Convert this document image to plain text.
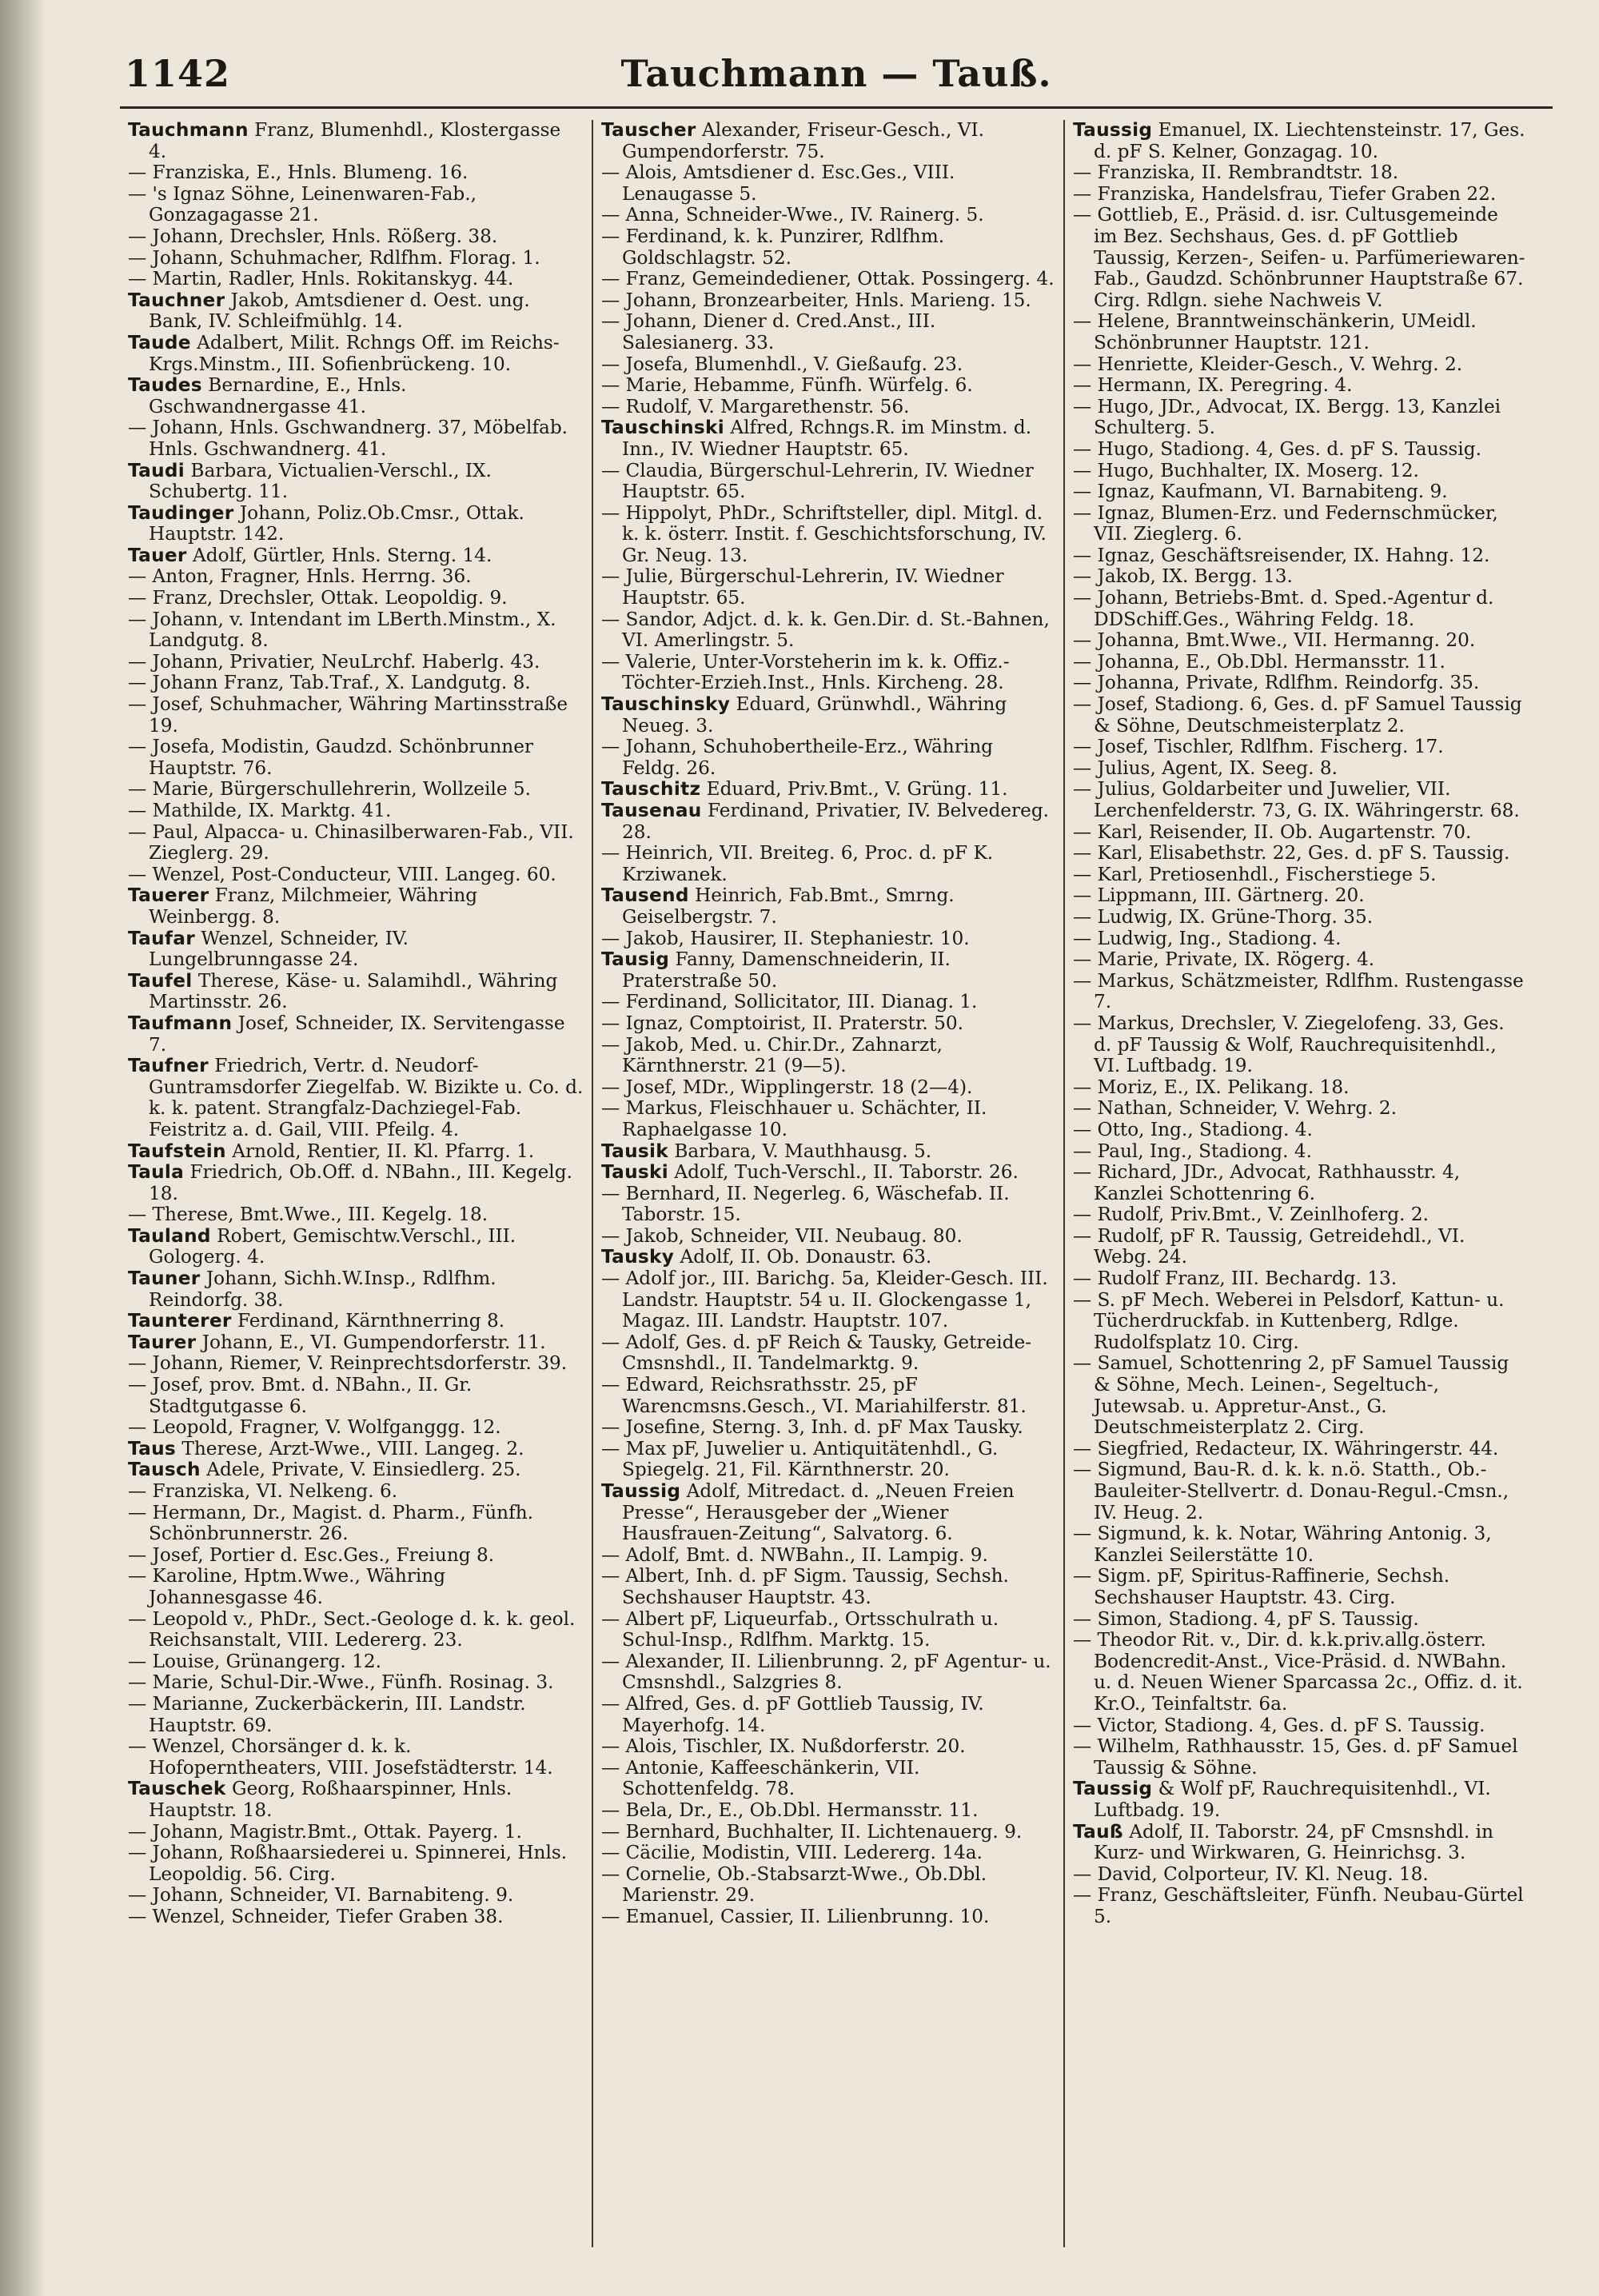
1142	Tauchmann — Tauß.

Tauchmann Franz, Blumenhdl., Klostergasse 4.

— Franziska, E., Hnls. Blumeng. 16.

— 's Ignaz Söhne, Leinenwaren-Fab., Gonzagagasse 21.

— Johann, Drechsler, Hnls. Rößerg. 38.

— Johann, Schuhmacher, Rdlfhm. Florag. 1.

— Martin, Radler, Hnls. Rokitanskyg. 44.

Tauchner Jakob, Amtsdiener d. Oest. ung. Bank, IV. Schleifmühlg. 14.

Taude Adalbert, Milit. Rchngs Off. im Reichs-Krgs.Minstm., III. Sofienbrückeng. 10.

Taudes Bernardine, E., Hnls. Gschwandnergasse 41.

— Johann, Hnls. Gschwandnerg. 37, Möbelfab. Hnls. Gschwandnerg. 41.

Taudi Barbara, Victualien-Verschl., IX. Schubertg. 11.

Taudinger Johann, Poliz.Ob.Cmsr., Ottak. Hauptstr. 142.

Tauer Adolf, Gürtler, Hnls. Sterng. 14.

— Anton, Fragner, Hnls. Herrng. 36.

— Franz, Drechsler, Ottak. Leopoldig. 9.

— Johann, v. Intendant im LBerth.Minstm., X. Landgutg. 8.

— Johann, Privatier, NeuLrchf. Haberlg. 43.

— Johann Franz, Tab.Traf., X. Landgutg. 8.

— Josef, Schuhmacher, Währing Martinsstraße 19.

— Josefa, Modistin, Gaudzd. Schönbrunner Hauptstr. 76.

— Marie, Bürgerschullehrerin, Wollzeile 5.

— Mathilde, IX. Marktg. 41.

— Paul, Alpacca- u. Chinasilberwaren-Fab., VII. Zieglerg. 29.

— Wenzel, Post-Conducteur, VIII. Langeg. 60.

Tauerer Franz, Milchmeier, Währing Weinbergg. 8.

Taufar Wenzel, Schneider, IV. Lungelbrunngasse 24.

Taufel Therese, Käse- u. Salamihdl., Währing Martinsstr. 26.

Taufmann Josef, Schneider, IX. Servitengasse 7.

Taufner Friedrich, Vertr. d. Neudorf-Guntramsdorfer Ziegelfab. W. Bizikte u. Co. d. k. k. patent. Strangfalz-Dachziegel-Fab. Feistritz a. d. Gail, VIII. Pfeilg. 4.

Taufstein Arnold, Rentier, II. Kl. Pfarrg. 1.

Taula Friedrich, Ob.Off. d. NBahn., III. Kegelg. 18.

— Therese, Bmt.Wwe., III. Kegelg. 18.

Tauland Robert, Gemischtw.Verschl., III. Gologerg. 4.

Tauner Johann, Sichh.W.Insp., Rdlfhm. Reindorfg. 38.

Taunterer Ferdinand, Kärnthnerring 8.

Taurer Johann, E., VI. Gumpendorferstr. 11.

— Johann, Riemer, V. Reinprechtsdorferstr. 39.

— Josef, prov. Bmt. d. NBahn., II. Gr. Stadtgutgasse 6.

— Leopold, Fragner, V. Wolfganggg. 12.

Taus Therese, Arzt-Wwe., VIII. Langeg. 2.

Tausch Adele, Private, V. Einsiedlerg. 25.

— Franziska, VI. Nelkeng. 6.

— Hermann, Dr., Magist. d. Pharm., Fünfh. Schönbrunnerstr. 26.

— Josef, Portier d. Esc.Ges., Freiung 8.

— Karoline, Hptm.Wwe., Währing Johannesgasse 46.

— Leopold v., PhDr., Sect.-Geologe d. k. k. geol. Reichsanstalt, VIII. Ledererg. 23.

— Louise, Grünangerg. 12.

— Marie, Schul-Dir.-Wwe., Fünfh. Rosinag. 3.

— Marianne, Zuckerbäckerin, III. Landstr. Hauptstr. 69.

— Wenzel, Chorsänger d. k. k. Hofoperntheaters, VIII. Josefstädterstr. 14.

Tauschek Georg, Roßhaarspinner, Hnls. Hauptstr. 18.

— Johann, Magistr.Bmt., Ottak. Payerg. 1.

— Johann, Roßhaarsiederei u. Spinnerei, Hnls. Leopoldig. 56. Cirg.

— Johann, Schneider, VI. Barnabiteng. 9.

— Wenzel, Schneider, Tiefer Graben 38.

Tauscher Alexander, Friseur-Gesch., VI. Gumpendorferstr. 75.

— Alois, Amtsdiener d. Esc.Ges., VIII. Lenaugasse 5.

— Anna, Schneider-Wwe., IV. Rainerg. 5.

— Ferdinand, k. k. Punzirer, Rdlfhm. Goldschlagstr. 52.

— Franz, Gemeindediener, Ottak. Possingerg. 4.

— Johann, Bronzearbeiter, Hnls. Marieng. 15.

— Johann, Diener d. Cred.Anst., III. Salesianerg. 33.

— Josefa, Blumenhdl., V. Gießaufg. 23.

— Marie, Hebamme, Fünfh. Würfelg. 6.

— Rudolf, V. Margarethenstr. 56.

Tauschinski Alfred, Rchngs.R. im Minstm. d. Inn., IV. Wiedner Hauptstr. 65.

— Claudia, Bürgerschul-Lehrerin, IV. Wiedner Hauptstr. 65.

— Hippolyt, PhDr., Schriftsteller, dipl. Mitgl. d. k. k. österr. Instit. f. Geschichtsforschung, IV. Gr. Neug. 13.

— Julie, Bürgerschul-Lehrerin, IV. Wiedner Hauptstr. 65.

— Sandor, Adjct. d. k. k. Gen.Dir. d. St.-Bahnen, VI. Amerlingstr. 5.

— Valerie, Unter-Vorsteherin im k. k. Offiz.-Töchter-Erzieh.Inst., Hnls. Kircheng. 28.

Tauschinsky Eduard, Grünwhdl., Währing Neueg. 3.

— Johann, Schuhobertheile-Erz., Währing Feldg. 26.

Tauschitz Eduard, Priv.Bmt., V. Grüng. 11.

Tausenau Ferdinand, Privatier, IV. Belvedereg. 28.

— Heinrich, VII. Breiteg. 6, Proc. d. pF K. Krziwanek.

Tausend Heinrich, Fab.Bmt., Smrng. Geiselbergstr. 7.

— Jakob, Hausirer, II. Stephaniestr. 10.

Tausig Fanny, Damenschneiderin, II. Praterstraße 50.

— Ferdinand, Sollicitator, III. Dianag. 1.

— Ignaz, Comptoirist, II. Praterstr. 50.

— Jakob, Med. u. Chir.Dr., Zahnarzt, Kärnthnerstr. 21 (9—5).

— Josef, MDr., Wipplingerstr. 18 (2—4).

— Markus, Fleischhauer u. Schächter, II. Raphaelgasse 10.

Tausik Barbara, V. Mauthhausg. 5.

Tauski Adolf, Tuch-Verschl., II. Taborstr. 26.

— Bernhard, II. Negerleg. 6, Wäschefab. II. Taborstr. 15.

— Jakob, Schneider, VII. Neubaug. 80.

Tausky Adolf, II. Ob. Donaustr. 63.

— Adolf jor., III. Barichg. 5a, Kleider-Gesch. III. Landstr. Hauptstr. 54 u. II. Glockengasse 1, Magaz. III. Landstr. Hauptstr. 107.

— Adolf, Ges. d. pF Reich & Tausky, Getreide-Cmsnshdl., II. Tandelmarktg. 9.

— Edward, Reichsrathsstr. 25, pF Warencmsns.Gesch., VI. Mariahilferstr. 81.

— Josefine, Sterng. 3, Inh. d. pF Max Tausky.

— Max pF, Juwelier u. Antiquitätenhdl., G. Spiegelg. 21, Fil. Kärnthnerstr. 20.

Taussig Adolf, Mitredact. d. „Neuen Freien Presse“, Herausgeber der „Wiener Hausfrauen-Zeitung“, Salvatorg. 6.

— Adolf, Bmt. d. NWBahn., II. Lampig. 9.

— Albert, Inh. d. pF Sigm. Taussig, Sechsh. Sechshauser Hauptstr. 43.

— Albert pF, Liqueurfab., Ortsschulrath u. Schul-Insp., Rdlfhm. Marktg. 15.

— Alexander, II. Lilienbrunng. 2, pF Agentur- u. Cmsnshdl., Salzgries 8.

— Alfred, Ges. d. pF Gottlieb Taussig, IV. Mayerhofg. 14.

— Alois, Tischler, IX. Nußdorferstr. 20.

— Antonie, Kaffeeschänkerin, VII. Schottenfeldg. 78.

— Bela, Dr., E., Ob.Dbl. Hermansstr. 11.

— Bernhard, Buchhalter, II. Lichtenauerg. 9.

— Cäcilie, Modistin, VIII. Ledererg. 14a.

— Cornelie, Ob.-Stabsarzt-Wwe., Ob.Dbl. Marienstr. 29.

— Emanuel, Cassier, II. Lilienbrunng. 10.

Taussig Emanuel, IX. Liechtensteinstr. 17, Ges. d. pF S. Kelner, Gonzagag. 10.

— Franziska, II. Rembrandtstr. 18.

— Franziska, Handelsfrau, Tiefer Graben 22.

— Gottlieb, E., Präsid. d. isr. Cultusgemeinde im Bez. Sechshaus, Ges. d. pF Gottlieb Taussig, Kerzen-, Seifen- u. Parfümeriewaren-Fab., Gaudzd. Schönbrunner Hauptstraße 67. Cirg. Rdlgn. siehe Nachweis V.

— Helene, Branntweinschänkerin, UMeidl. Schönbrunner Hauptstr. 121.

— Henriette, Kleider-Gesch., V. Wehrg. 2.

— Hermann, IX. Peregring. 4.

— Hugo, JDr., Advocat, IX. Bergg. 13, Kanzlei Schulterg. 5.

— Hugo, Stadiong. 4, Ges. d. pF S. Taussig.

— Hugo, Buchhalter, IX. Moserg. 12.

— Ignaz, Kaufmann, VI. Barnabiteng. 9.

— Ignaz, Blumen-Erz. und Federnschmücker, VII. Zieglerg. 6.

— Ignaz, Geschäftsreisender, IX. Hahng. 12.

— Jakob, IX. Bergg. 13.

— Johann, Betriebs-Bmt. d. Sped.-Agentur d. DDSchiff.Ges., Währing Feldg. 18.

— Johanna, Bmt.Wwe., VII. Hermanng. 20.

— Johanna, E., Ob.Dbl. Hermansstr. 11.

— Johanna, Private, Rdlfhm. Reindorfg. 35.

— Josef, Stadiong. 6, Ges. d. pF Samuel Taussig & Söhne, Deutschmeisterplatz 2.

— Josef, Tischler, Rdlfhm. Fischerg. 17.

— Julius, Agent, IX. Seeg. 8.

— Julius, Goldarbeiter und Juwelier, VII. Lerchenfelderstr. 73, G. IX. Währingerstr. 68.

— Karl, Reisender, II. Ob. Augartenstr. 70.

— Karl, Elisabethstr. 22, Ges. d. pF S. Taussig.

— Karl, Pretiosenhdl., Fischerstiege 5.

— Lippmann, III. Gärtnerg. 20.

— Ludwig, IX. Grüne-Thorg. 35.

— Ludwig, Ing., Stadiong. 4.

— Marie, Private, IX. Rögerg. 4.

— Markus, Schätzmeister, Rdlfhm. Rustengasse 7.

— Markus, Drechsler, V. Ziegelofeng. 33, Ges. d. pF Taussig & Wolf, Rauchrequisitenhdl., VI. Luftbadg. 19.

— Moriz, E., IX. Pelikang. 18.

— Nathan, Schneider, V. Wehrg. 2.

— Otto, Ing., Stadiong. 4.

— Paul, Ing., Stadiong. 4.

— Richard, JDr., Advocat, Rathhausstr. 4, Kanzlei Schottenring 6.

— Rudolf, Priv.Bmt., V. Zeinlhoferg. 2.

— Rudolf, pF R. Taussig, Getreidehdl., VI. Webg. 24.

— Rudolf Franz, III. Bechardg. 13.

— S. pF Mech. Weberei in Pelsdorf, Kattun- u. Tücherdruckfab. in Kuttenberg, Rdlge. Rudolfsplatz 10. Cirg.

— Samuel, Schottenring 2, pF Samuel Taussig & Söhne, Mech. Leinen-, Segeltuch-, Jutewsab. u. Appretur-Anst., G. Deutschmeisterplatz 2. Cirg.

— Siegfried, Redacteur, IX. Währingerstr. 44.

— Sigmund, Bau-R. d. k. k. n.ö. Statth., Ob.-Bauleiter-Stellvertr. d. Donau-Regul.-Cmsn., IV. Heug. 2.

— Sigmund, k. k. Notar, Währing Antonig. 3, Kanzlei Seilerstätte 10.

— Sigm. pF, Spiritus-Raffinerie, Sechsh. Sechshauser Hauptstr. 43. Cirg.

— Simon, Stadiong. 4, pF S. Taussig.

— Theodor Rit. v., Dir. d. k.k.priv.allg.österr. Bodencredit-Anst., Vice-Präsid. d. NWBahn. u. d. Neuen Wiener Sparcassa 2c., Offiz. d. it. Kr.O., Teinfaltstr. 6a.

— Victor, Stadiong. 4, Ges. d. pF S. Taussig.

— Wilhelm, Rathhausstr. 15, Ges. d. pF Samuel Taussig & Söhne.

Taussig & Wolf pF, Rauchrequisitenhdl., VI. Luftbadg. 19.

Tauß Adolf, II. Taborstr. 24, pF Cmsnshdl. in Kurz- und Wirkwaren, G. Heinrichsg. 3.

— David, Colporteur, IV. Kl. Neug. 18.

— Franz, Geschäftsleiter, Fünfh. Neubau-Gürtel 5.
